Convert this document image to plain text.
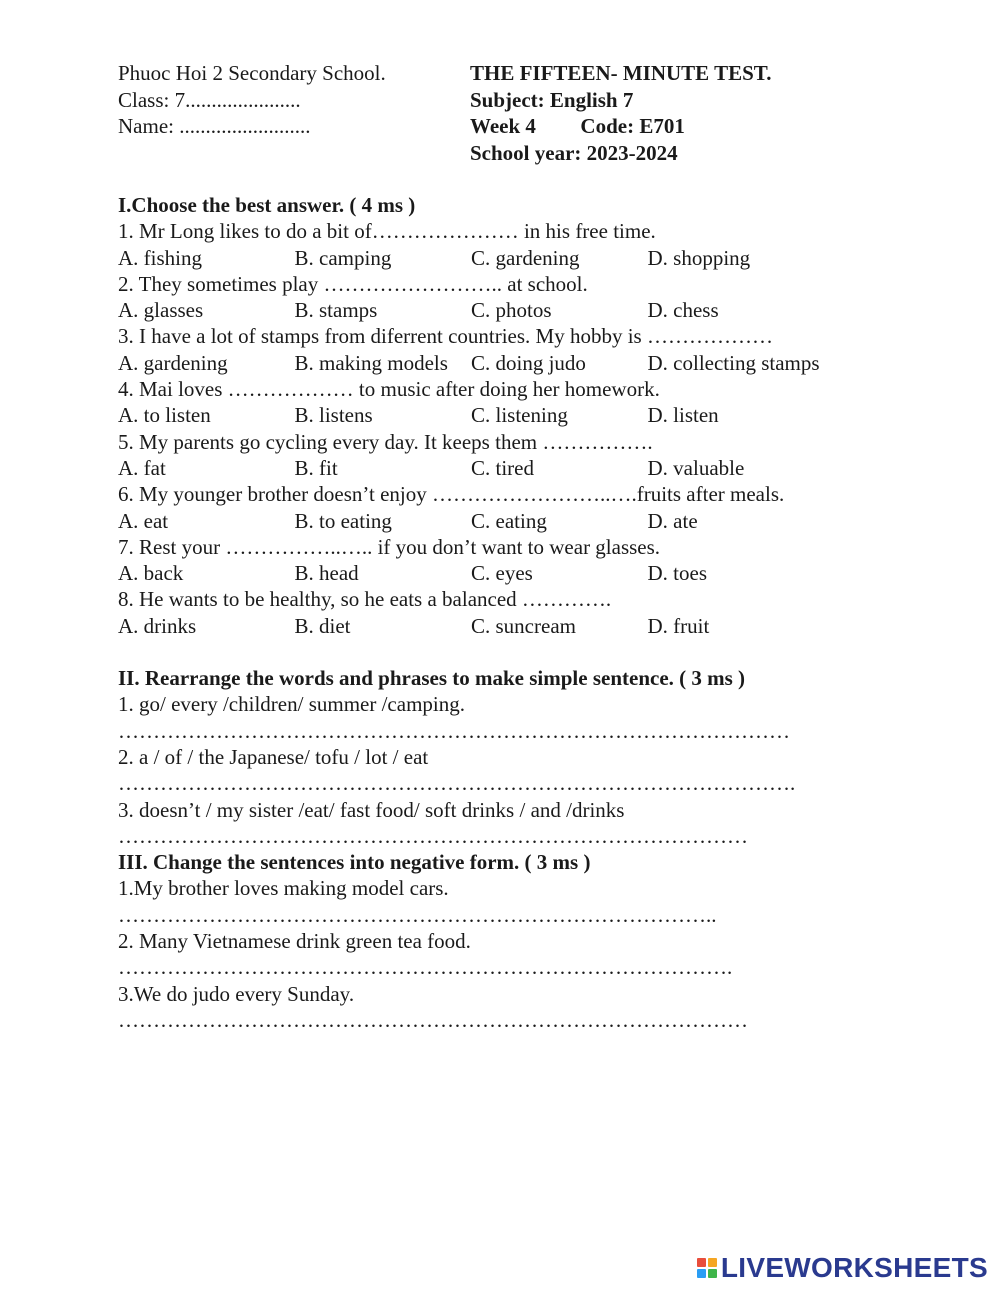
Phuoc Hoi 2 Secondary School.
Class: 7......................
Name: .........................
THE FIFTEEN- MINUTE TEST.
Subject: English 7
Week 4 Code: E701
School year: 2023-2024
I.Choose the best answer. ( 4 ms )
1. Mr Long likes to do a bit of………………… in his free time.
A. fishing	B. camping	C. gardening	D. shopping
2. They sometimes play …………………….. at school.
A. glasses	B. stamps	C. photos	D. chess
3. I have a lot of stamps from diferrent countries. My hobby is ………………
A. gardening	B. making models	C. doing judo	D. collecting stamps
4. Mai loves ……………… to music after doing her homework.
A. to listen	B. listens	C. listening	D. listen
5. My parents go cycling every day. It keeps them …………….
A. fat	B. fit	C. tired	D. valuable
6. My younger brother doesn’t enjoy ……………………..….fruits after meals.
A. eat	B. to eating	C. eating	D. ate
7. Rest your ……………..….. if you don’t want to wear glasses.
A. back	B. head	C. eyes	D. toes
8. He wants to be healthy, so he eats a balanced ………….
A. drinks	B. diet	C. suncream	D. fruit
II. Rearrange the words and phrases to make simple sentence. ( 3 ms )
1. go/ every /children/ summer /camping.
……………………………………………………………………………………
2. a / of / the Japanese/ tofu / lot / eat
…………………………………………………………………………………….
3. doesn’t / my sister /eat/ fast food/ soft drinks / and /drinks
………………………………………………………………………………
III. Change the sentences into negative form. ( 3 ms )
1.My brother loves making model cars.
…………………………………………………………………………..
2. Many Vietnamese drink green tea food.
…………………………………………………………………………….
3.We do judo every Sunday.
………………………………………………………………………………
LIVEWORKSHEETS
